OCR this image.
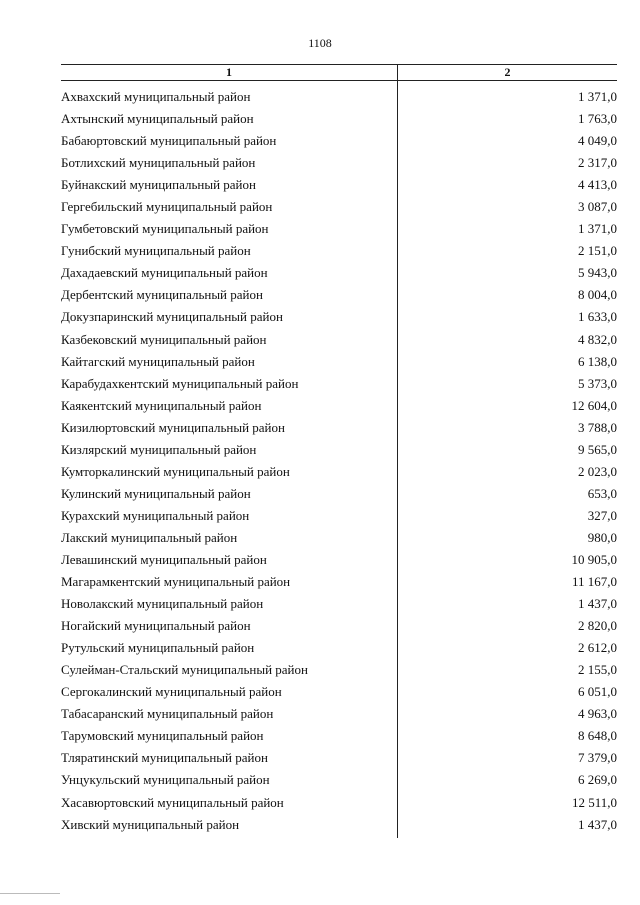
1108
1	2
Ахвахский муниципальный район	1 371,0
Ахтынский муниципальный район	1 763,0
Бабаюртовский муниципальный район	4 049,0
Ботлихский муниципальный район	2 317,0
Буйнакский муниципальный район	4 413,0
Гергебильский муниципальный район	3 087,0
Гумбетовский муниципальный район	1 371,0
Гунибский муниципальный район	2 151,0
Дахадаевский муниципальный район	5 943,0
Дербентский муниципальный район	8 004,0
Докузпаринский муниципальный район	1 633,0
Казбековский муниципальный район	4 832,0
Кайтагский муниципальный район	6 138,0
Карабудахкентский муниципальный район	5 373,0
Каякентский муниципальный район	12 604,0
Кизилюртовский муниципальный район	3 788,0
Кизлярский муниципальный район	9 565,0
Кумторкалинский муниципальный район	2 023,0
Кулинский муниципальный район	653,0
Курахский муниципальный район	327,0
Лакский муниципальный район	980,0
Левашинский муниципальный район	10 905,0
Магарамкентский муниципальный район	11 167,0
Новолакский муниципальный район	1 437,0
Ногайский муниципальный район	2 820,0
Рутульский муниципальный район	2 612,0
Сулейман-Стальский муниципальный район	2 155,0
Сергокалинский муниципальный район	6 051,0
Табасаранский муниципальный район	4 963,0
Тарумовский муниципальный район	8 648,0
Тляратинский муниципальный район	7 379,0
Унцукульский муниципальный район	6 269,0
Хасавюртовский муниципальный район	12 511,0
Хивский муниципальный район	1 437,0
